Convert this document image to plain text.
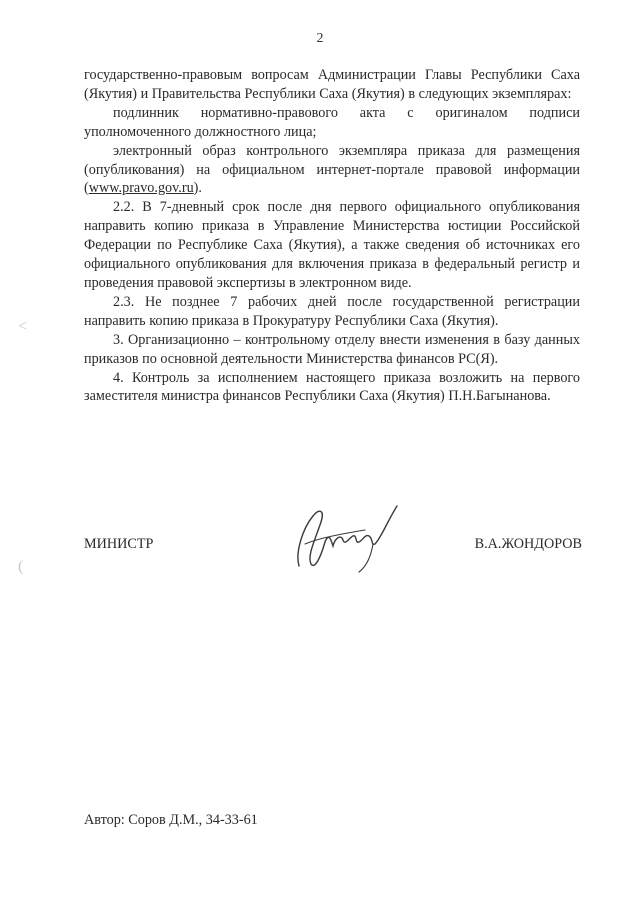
2

государственно-правовым вопросам Администрации Главы Республики Саха (Якутия) и Правительства Республики Саха (Якутия) в следующих экземплярах:

подлинник нормативно-правового акта с оригиналом подписи уполномоченного должностного лица;

электронный образ контрольного экземпляра приказа для размещения (опубликования) на официальном интернет-портале правовой информации (www.pravo.gov.ru).

2.2. В 7-дневный срок после дня первого официального опубликования направить копию приказа в Управление Министерства юстиции Российской Федерации по Республике Саха (Якутия), а также сведения об источниках его официального опубликования для включения приказа в федеральный регистр и проведения правовой экспертизы в электронном виде.

2.3. Не позднее 7 рабочих дней после государственной регистрации направить копию приказа в Прокуратуру Республики Саха (Якутия).

3. Организационно – контрольному отделу внести изменения в базу данных приказов по основной деятельности Министерства финансов РС(Я).

4. Контроль за исполнением настоящего приказа возложить на первого заместителя министра финансов Республики Саха (Якутия) П.Н.Багынанова.

МИНИСТР	В.А.ЖОНДОРОВ
Автор: Соров Д.М., 34-33-61
<
(
